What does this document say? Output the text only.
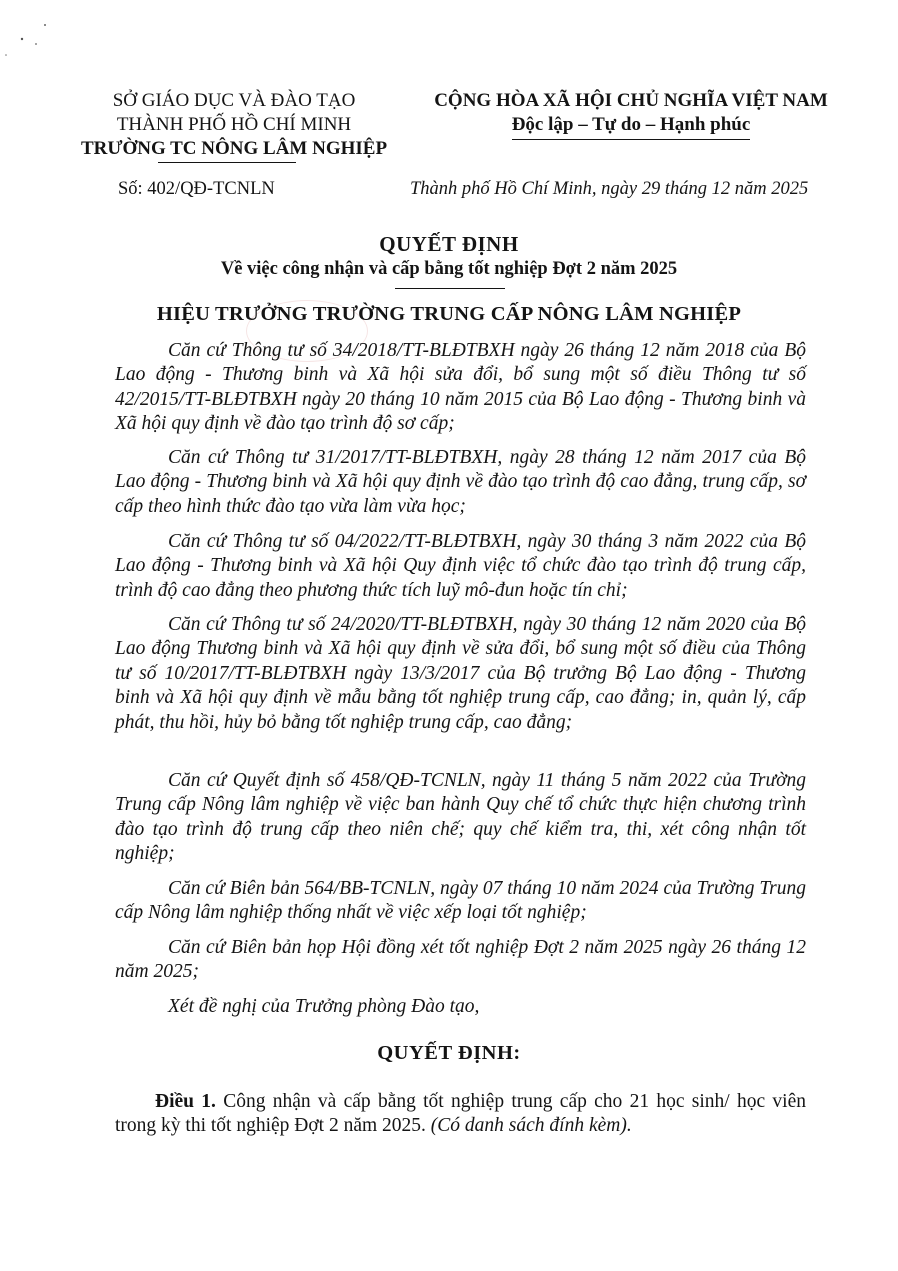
SỞ GIÁO DỤC VÀ ĐÀO TẠO
THÀNH PHỐ HỒ CHÍ MINH
TRƯỜNG TC NÔNG LÂM NGHIỆP
CỘNG HÒA XÃ HỘI CHỦ NGHĨA VIỆT NAM
Độc lập – Tự do – Hạnh phúc
Số: 402/QĐ-TCNLN	Thành phố Hồ Chí Minh, ngày 29 tháng 12 năm 2025
QUYẾT ĐỊNH
Về việc công nhận và cấp bằng tốt nghiệp Đợt 2 năm 2025
HIỆU TRƯỞNG TRƯỜNG TRUNG CẤP NÔNG LÂM NGHIỆP

Căn cứ Thông tư số 34/2018/TT-BLĐTBXH ngày 26 tháng 12 năm 2018 của Bộ Lao động - Thương binh và Xã hội sửa đổi, bổ sung một số điều Thông tư số 42/2015/TT-BLĐTBXH ngày 20 tháng 10 năm 2015 của Bộ Lao động - Thương binh và Xã hội quy định về đào tạo trình độ sơ cấp;

Căn cứ Thông tư 31/2017/TT-BLĐTBXH, ngày 28 tháng 12 năm 2017 của Bộ Lao động - Thương binh và Xã hội quy định về đào tạo trình độ cao đẳng, trung cấp, sơ cấp theo hình thức đào tạo vừa làm vừa học;

Căn cứ Thông tư số 04/2022/TT-BLĐTBXH, ngày 30 tháng 3 năm 2022 của Bộ Lao động - Thương binh và Xã hội Quy định việc tổ chức đào tạo trình độ trung cấp, trình độ cao đẳng theo phương thức tích luỹ mô-đun hoặc tín chỉ;

Căn cứ Thông tư số 24/2020/TT-BLĐTBXH, ngày 30 tháng 12 năm 2020 của Bộ Lao động Thương binh và Xã hội quy định về sửa đổi, bổ sung một số điều của Thông tư số 10/2017/TT-BLĐTBXH ngày 13/3/2017 của Bộ trưởng Bộ Lao động - Thương binh và Xã hội quy định về mẫu bằng tốt nghiệp trung cấp, cao đẳng; in, quản lý, cấp phát, thu hồi, hủy bỏ bằng tốt nghiệp trung cấp, cao đẳng;

Căn cứ Quyết định số 458/QĐ-TCNLN, ngày 11 tháng 5 năm 2022 của Trường Trung cấp Nông lâm nghiệp về việc ban hành Quy chế tổ chức thực hiện chương trình đào tạo trình độ trung cấp theo niên chế; quy chế kiểm tra, thi, xét công nhận tốt nghiệp;

Căn cứ Biên bản 564/BB-TCNLN, ngày 07 tháng 10 năm 2024 của Trường Trung cấp Nông lâm nghiệp thống nhất về việc xếp loại tốt nghiệp;

Căn cứ Biên bản họp Hội đồng xét tốt nghiệp Đợt 2 năm 2025 ngày 26 tháng 12 năm 2025;

Xét đề nghị của Trưởng phòng Đào tạo,

QUYẾT ĐỊNH:

Điều 1. Công nhận và cấp bằng tốt nghiệp trung cấp cho 21 học sinh/ học viên trong kỳ thi tốt nghiệp Đợt 2 năm 2025. (Có danh sách đính kèm).
